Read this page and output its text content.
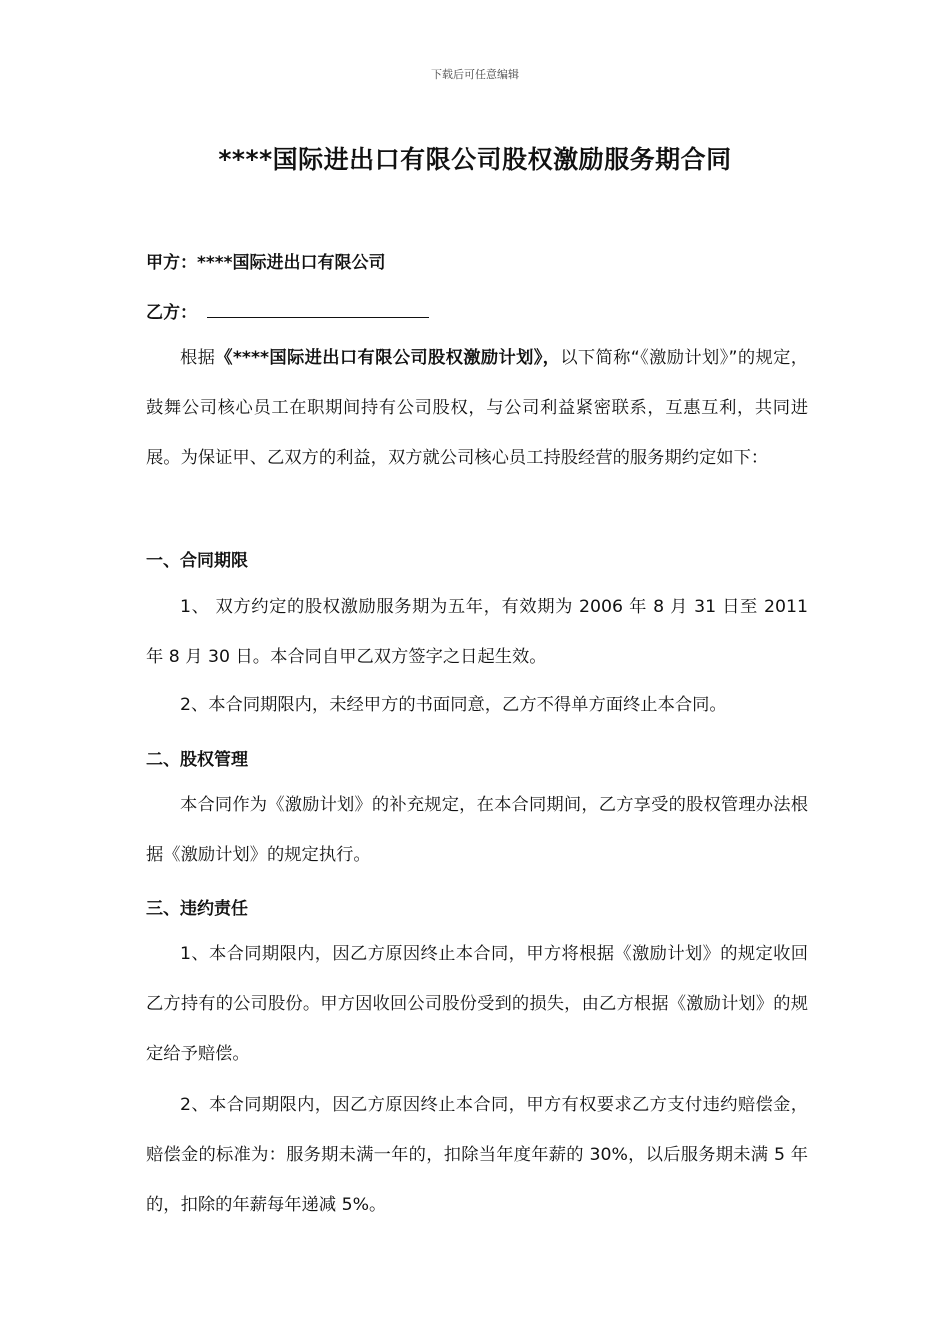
下载后可任意编辑
****国际进出口有限公司股权激励服务期合同
甲方：****国际进出口有限公司
乙方：
根据《****国际进出口有限公司股权激励计划》，以下简称“《激励计划》”的规定，鼓舞公司核心员工在职期间持有公司股权，与公司利益紧密联系，互惠互利，共同进展。为保证甲、乙双方的利益，双方就公司核心员工持股经营的服务期约定如下：
一、合同期限
1、 双方约定的股权激励服务期为五年，有效期为 2006 年 8 月 31 日至 2011 年 8 月 30 日。本合同自甲乙双方签字之日起生效。
2、本合同期限内，未经甲方的书面同意，乙方不得单方面终止本合同。
二、股权管理
本合同作为《激励计划》的补充规定，在本合同期间，乙方享受的股权管理办法根据《激励计划》的规定执行。
三、违约责任
1、本合同期限内，因乙方原因终止本合同，甲方将根据《激励计划》的规定收回乙方持有的公司股份。甲方因收回公司股份受到的损失，由乙方根据《激励计划》的规定给予赔偿。
2、本合同期限内，因乙方原因终止本合同，甲方有权要求乙方支付违约赔偿金，赔偿金的标准为：服务期未满一年的，扣除当年度年薪的 30%，以后服务期未满 5 年的，扣除的年薪每年递减 5%。
